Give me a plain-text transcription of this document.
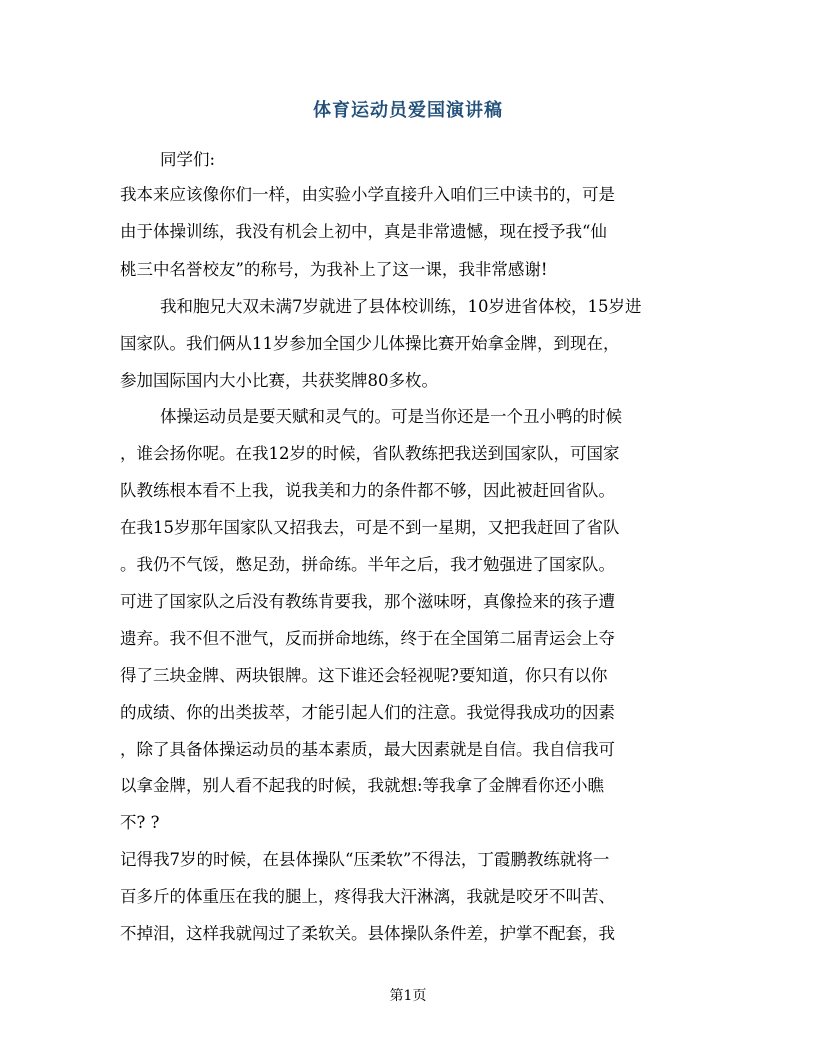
体育运动员爱国演讲稿
同学们:
我本来应该像你们一样，由实验小学直接升入咱们三中读书的，可是
由于体操训练，我没有机会上初中，真是非常遗憾，现在授予我“仙
桃三中名誉校友”的称号，为我补上了这一课，我非常感谢!
我和胞兄大双未满7岁就进了县体校训练，10岁进省体校，15岁进
国家队。我们俩从11岁参加全国少儿体操比赛开始拿金牌，到现在，
参加国际国内大小比赛，共获奖牌80多枚。
体操运动员是要天赋和灵气的。可是当你还是一个丑小鸭的时候
，谁会扬你呢。在我12岁的时候，省队教练把我送到国家队，可国家
队教练根本看不上我，说我美和力的条件都不够，因此被赶回省队。
在我15岁那年国家队又招我去，可是不到一星期，又把我赶回了省队
。我仍不气馁，憋足劲，拼命练。半年之后，我才勉强进了国家队。
可进了国家队之后没有教练肯要我，那个滋味呀，真像捡来的孩子遭
遗弃。我不但不泄气，反而拼命地练，终于在全国第二届青运会上夺
得了三块金牌、两块银牌。这下谁还会轻视呢?要知道，你只有以你
的成绩、你的出类拔萃，才能引起人们的注意。我觉得我成功的因素
，除了具备体操运动员的基本素质，最大因素就是自信。我自信我可
以拿金牌，别人看不起我的时候，我就想:等我拿了金牌看你还小瞧
不? ?
记得我7岁的时候，在县体操队“压柔软”不得法，丁霞鹏教练就将一
百多斤的体重压在我的腿上，疼得我大汗淋漓，我就是咬牙不叫苦、
不掉泪，这样我就闯过了柔软关。县体操队条件差，护掌不配套，我
第1页
